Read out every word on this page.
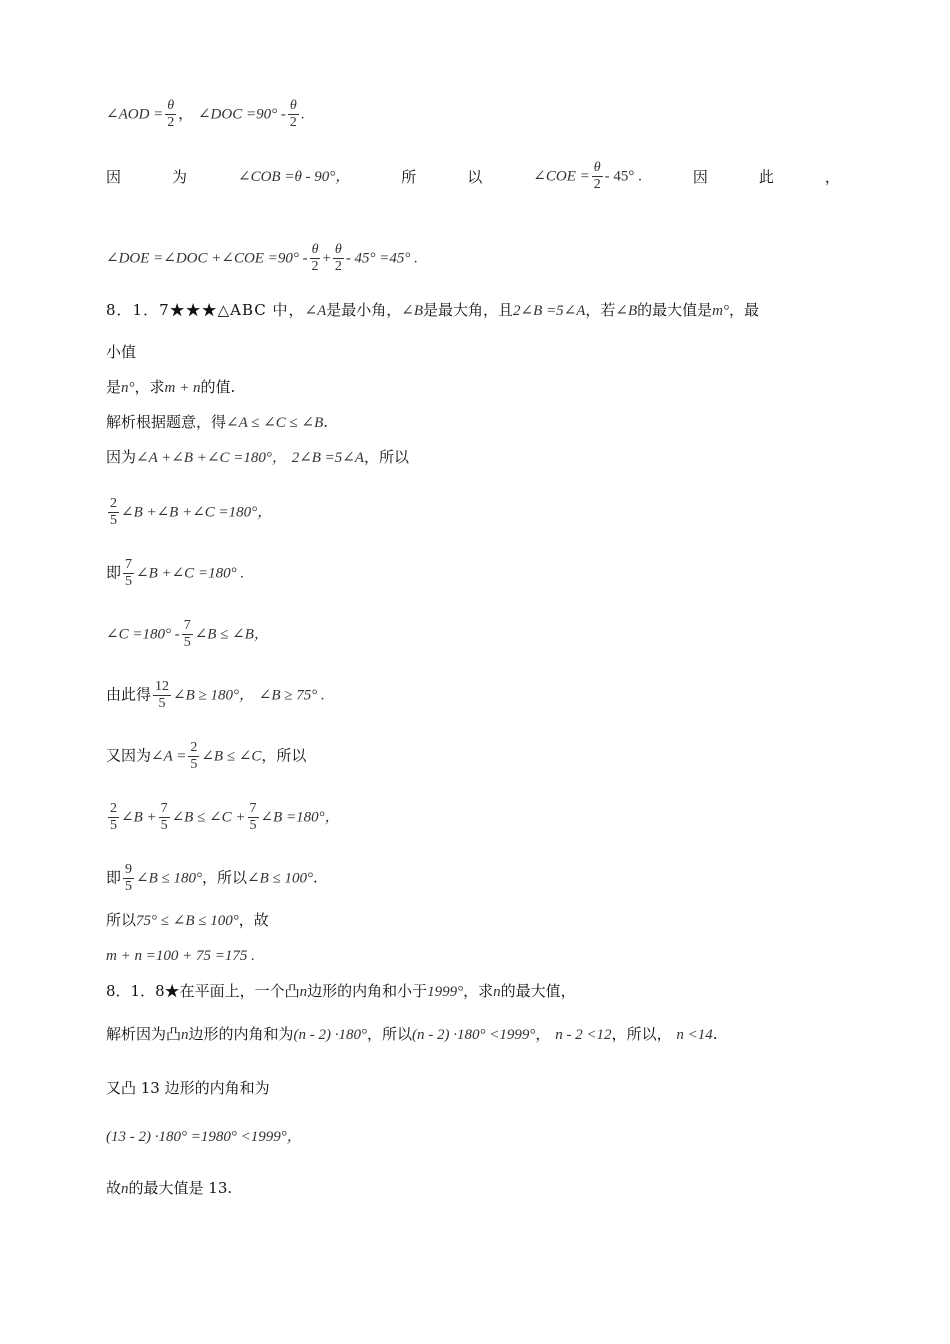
∠AOD = $\frac{\theta}{2}$ ， ∠DOC $=90^\circ - \frac{\theta}{2}$ .
因	为	∠COB =θ - 90°，	所	以	∠COE = $\frac{\theta}{2} - 45^\circ$ .	因	此	，
∠DOE =∠DOC +∠COE $=90^\circ - \frac{\theta}{2} + \frac{\theta}{2} - 45^\circ =45^\circ$ .
8．1．7★★★△ABC 中，∠A是最小角，∠B是最大角，且2∠B =5∠A，若∠B的最大值是m°，最
小值
是n°，求m + n的值.
解析根据题意，得∠A ≤ ∠C ≤ ∠B.
因为∠A +∠B +∠C =180°， 2∠B =5∠A，所以
$\frac{2}{5}$ ∠B +∠B +∠C =180°，
即 $\frac{7}{5}$ ∠B +∠C =180° .
∠C $=180^\circ - \frac{7}{5}$ ∠B ≤ ∠B，
由此得 $\frac{12}{5}$ ∠B ≥ 180°， ∠B ≥ 75° .
又因为∠A = $\frac{2}{5}$ ∠B ≤ ∠C，所以
$\frac{2}{5}$ ∠B + $\frac{7}{5}$ ∠B ≤ ∠C + $\frac{7}{5}$ ∠B =180°，
即 $\frac{9}{5}$ ∠B ≤ 180°，所以∠B ≤ 100°.
所以75° ≤ ∠B ≤ 100°，故
m + n =100 + 75 =175 .
8．1．8★在平面上，一个凸n边形的内角和小于1999°，求n的最大值，
解析因为凸n边形的内角和为(n - 2) ·180°，所以(n - 2) ·180° <1999°， n - 2 <12，所以， n <14.
又凸 13 边形的内角和为
(13 - 2) ·180° =1980° <1999°，
故n的最大值是 13.
